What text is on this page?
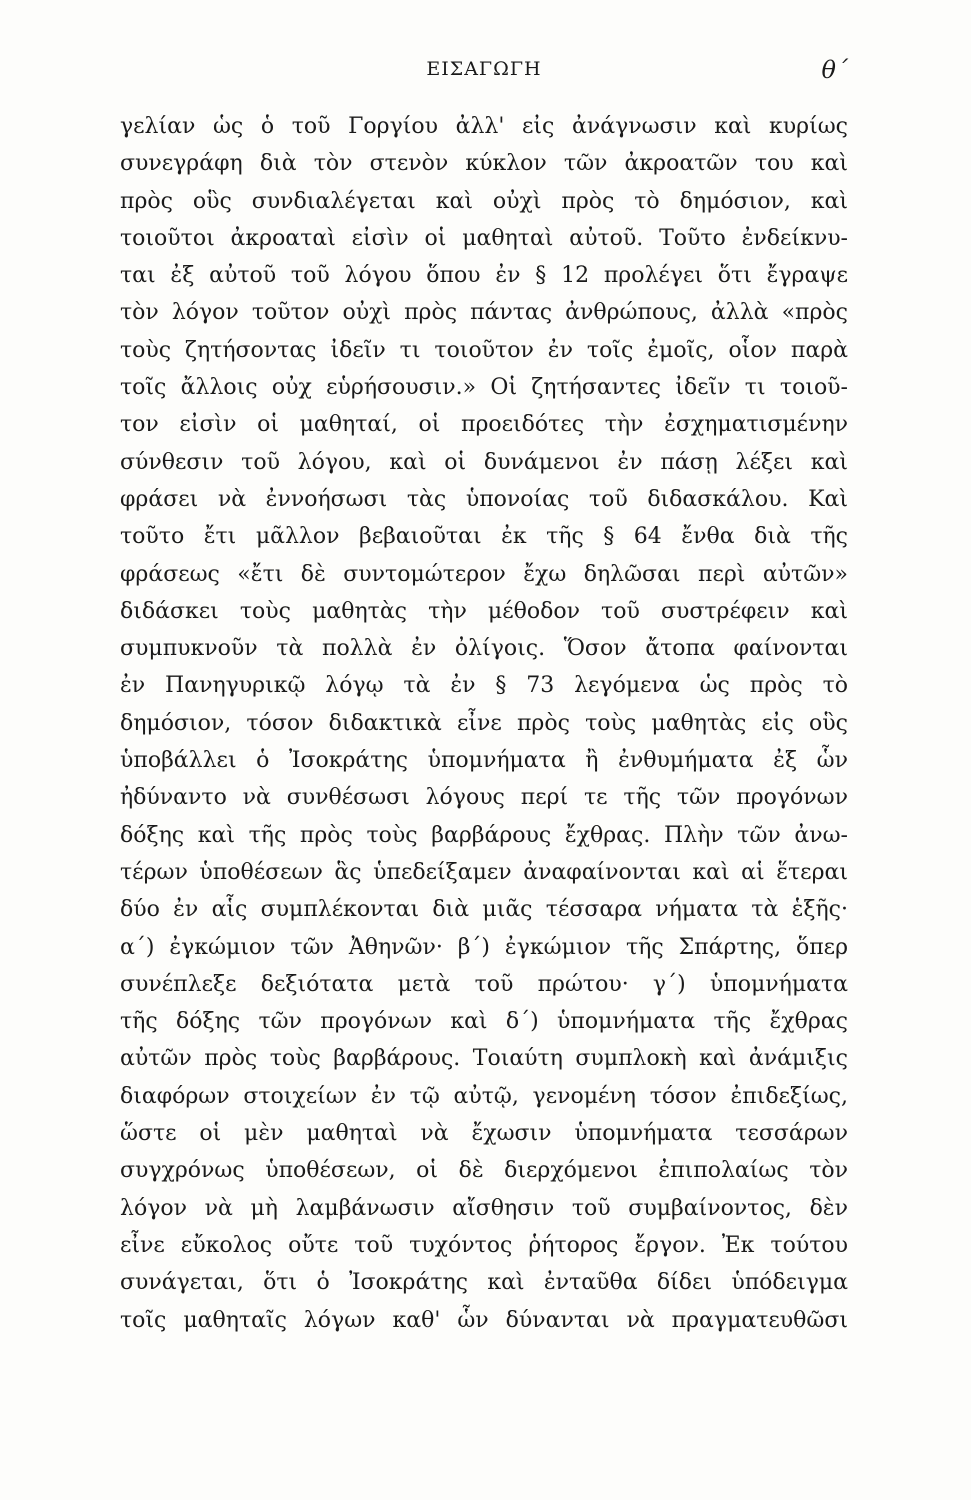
ΕΙΣΑΓΩΓΗ	θ΄
γελίαν ὡς ὁ τοῦ Γοργίου ἀλλ' εἰς ἀνάγνωσιν καὶ κυρίως
συνεγράφη διὰ τὸν στενὸν κύκλον τῶν ἀκροατῶν του καὶ
πρὸς οὓς συνδιαλέγεται καὶ οὐχὶ πρὸς τὸ δημόσιον, καὶ
τοιοῦτοι ἀκροαταὶ εἰσὶν οἱ μαθηταὶ αὐτοῦ. Τοῦτο ἐνδείκνυ-
ται ἐξ αὐτοῦ τοῦ λόγου ὅπου ἐν § 12 προλέγει ὅτι ἔγραψε
τὸν λόγον τοῦτον οὐχὶ πρὸς πάντας ἀνθρώπους, ἀλλὰ «πρὸς
τοὺς ζητήσοντας ἰδεῖν τι τοιοῦτον ἐν τοῖς ἐμοῖς, οἷον παρὰ
τοῖς ἄλλοις οὐχ εὑρήσουσιν.» Οἱ ζητήσαντες ἰδεῖν τι τοιοῦ-
τον εἰσὶν οἱ μαθηταί, οἱ προειδότες τὴν ἐσχηματισμένην
σύνθεσιν τοῦ λόγου, καὶ οἱ δυνάμενοι ἐν πάσῃ λέξει καὶ
φράσει νὰ ἐννοήσωσι τὰς ὑπονοίας τοῦ διδασκάλου. Καὶ
τοῦτο ἔτι μᾶλλον βεβαιοῦται ἐκ τῆς § 64 ἔνθα διὰ τῆς
φράσεως «ἔτι δὲ συντομώτερον ἔχω δηλῶσαι περὶ αὐτῶν»
διδάσκει τοὺς μαθητὰς τὴν μέθοδον τοῦ συστρέφειν καὶ
συμπυκνοῦν τὰ πολλὰ ἐν ὀλίγοις. Ὅσον ἄτοπα φαίνονται
ἐν Πανηγυρικῷ λόγῳ τὰ ἐν § 73 λεγόμενα ὡς πρὸς τὸ
δημόσιον, τόσον διδακτικὰ εἶνε πρὸς τοὺς μαθητὰς εἰς οὓς
ὑποβάλλει ὁ Ἰσοκράτης ὑπομνήματα ἢ ἐνθυμήματα ἐξ ὧν
ἠδύναντο νὰ συνθέσωσι λόγους περί τε τῆς τῶν προγόνων
δόξης καὶ τῆς πρὸς τοὺς βαρβάρους ἔχθρας. Πλὴν τῶν ἀνω-
τέρων ὑποθέσεων ἃς ὑπεδείξαμεν ἀναφαίνονται καὶ αἱ ἕτεραι
δύο ἐν αἷς συμπλέκονται διὰ μιᾶς τέσσαρα νήματα τὰ ἑξῆς·
α΄) ἐγκώμιον τῶν Ἀθηνῶν· β΄) ἐγκώμιον τῆς Σπάρτης, ὅπερ
συνέπλεξε δεξιότατα μετὰ τοῦ πρώτου· γ΄) ὑπομνήματα
τῆς δόξης τῶν προγόνων καὶ δ΄) ὑπομνήματα τῆς ἔχθρας
αὐτῶν πρὸς τοὺς βαρβάρους. Τοιαύτη συμπλοκὴ καὶ ἀνάμιξις
διαφόρων στοιχείων ἐν τῷ αὐτῷ, γενομένη τόσον ἐπιδεξίως,
ὥστε οἱ μὲν μαθηταὶ νὰ ἔχωσιν ὑπομνήματα τεσσάρων
συγχρόνως ὑποθέσεων, οἱ δὲ διερχόμενοι ἐπιπολαίως τὸν
λόγον νὰ μὴ λαμβάνωσιν αἴσθησιν τοῦ συμβαίνοντος, δὲν
εἶνε εὔκολος οὔτε τοῦ τυχόντος ῥήτορος ἔργον. Ἐκ τούτου
συνάγεται, ὅτι ὁ Ἰσοκράτης καὶ ἐνταῦθα δίδει ὑπόδειγμα
τοῖς μαθηταῖς λόγων καθ' ὧν δύνανται νὰ πραγματευθῶσι
